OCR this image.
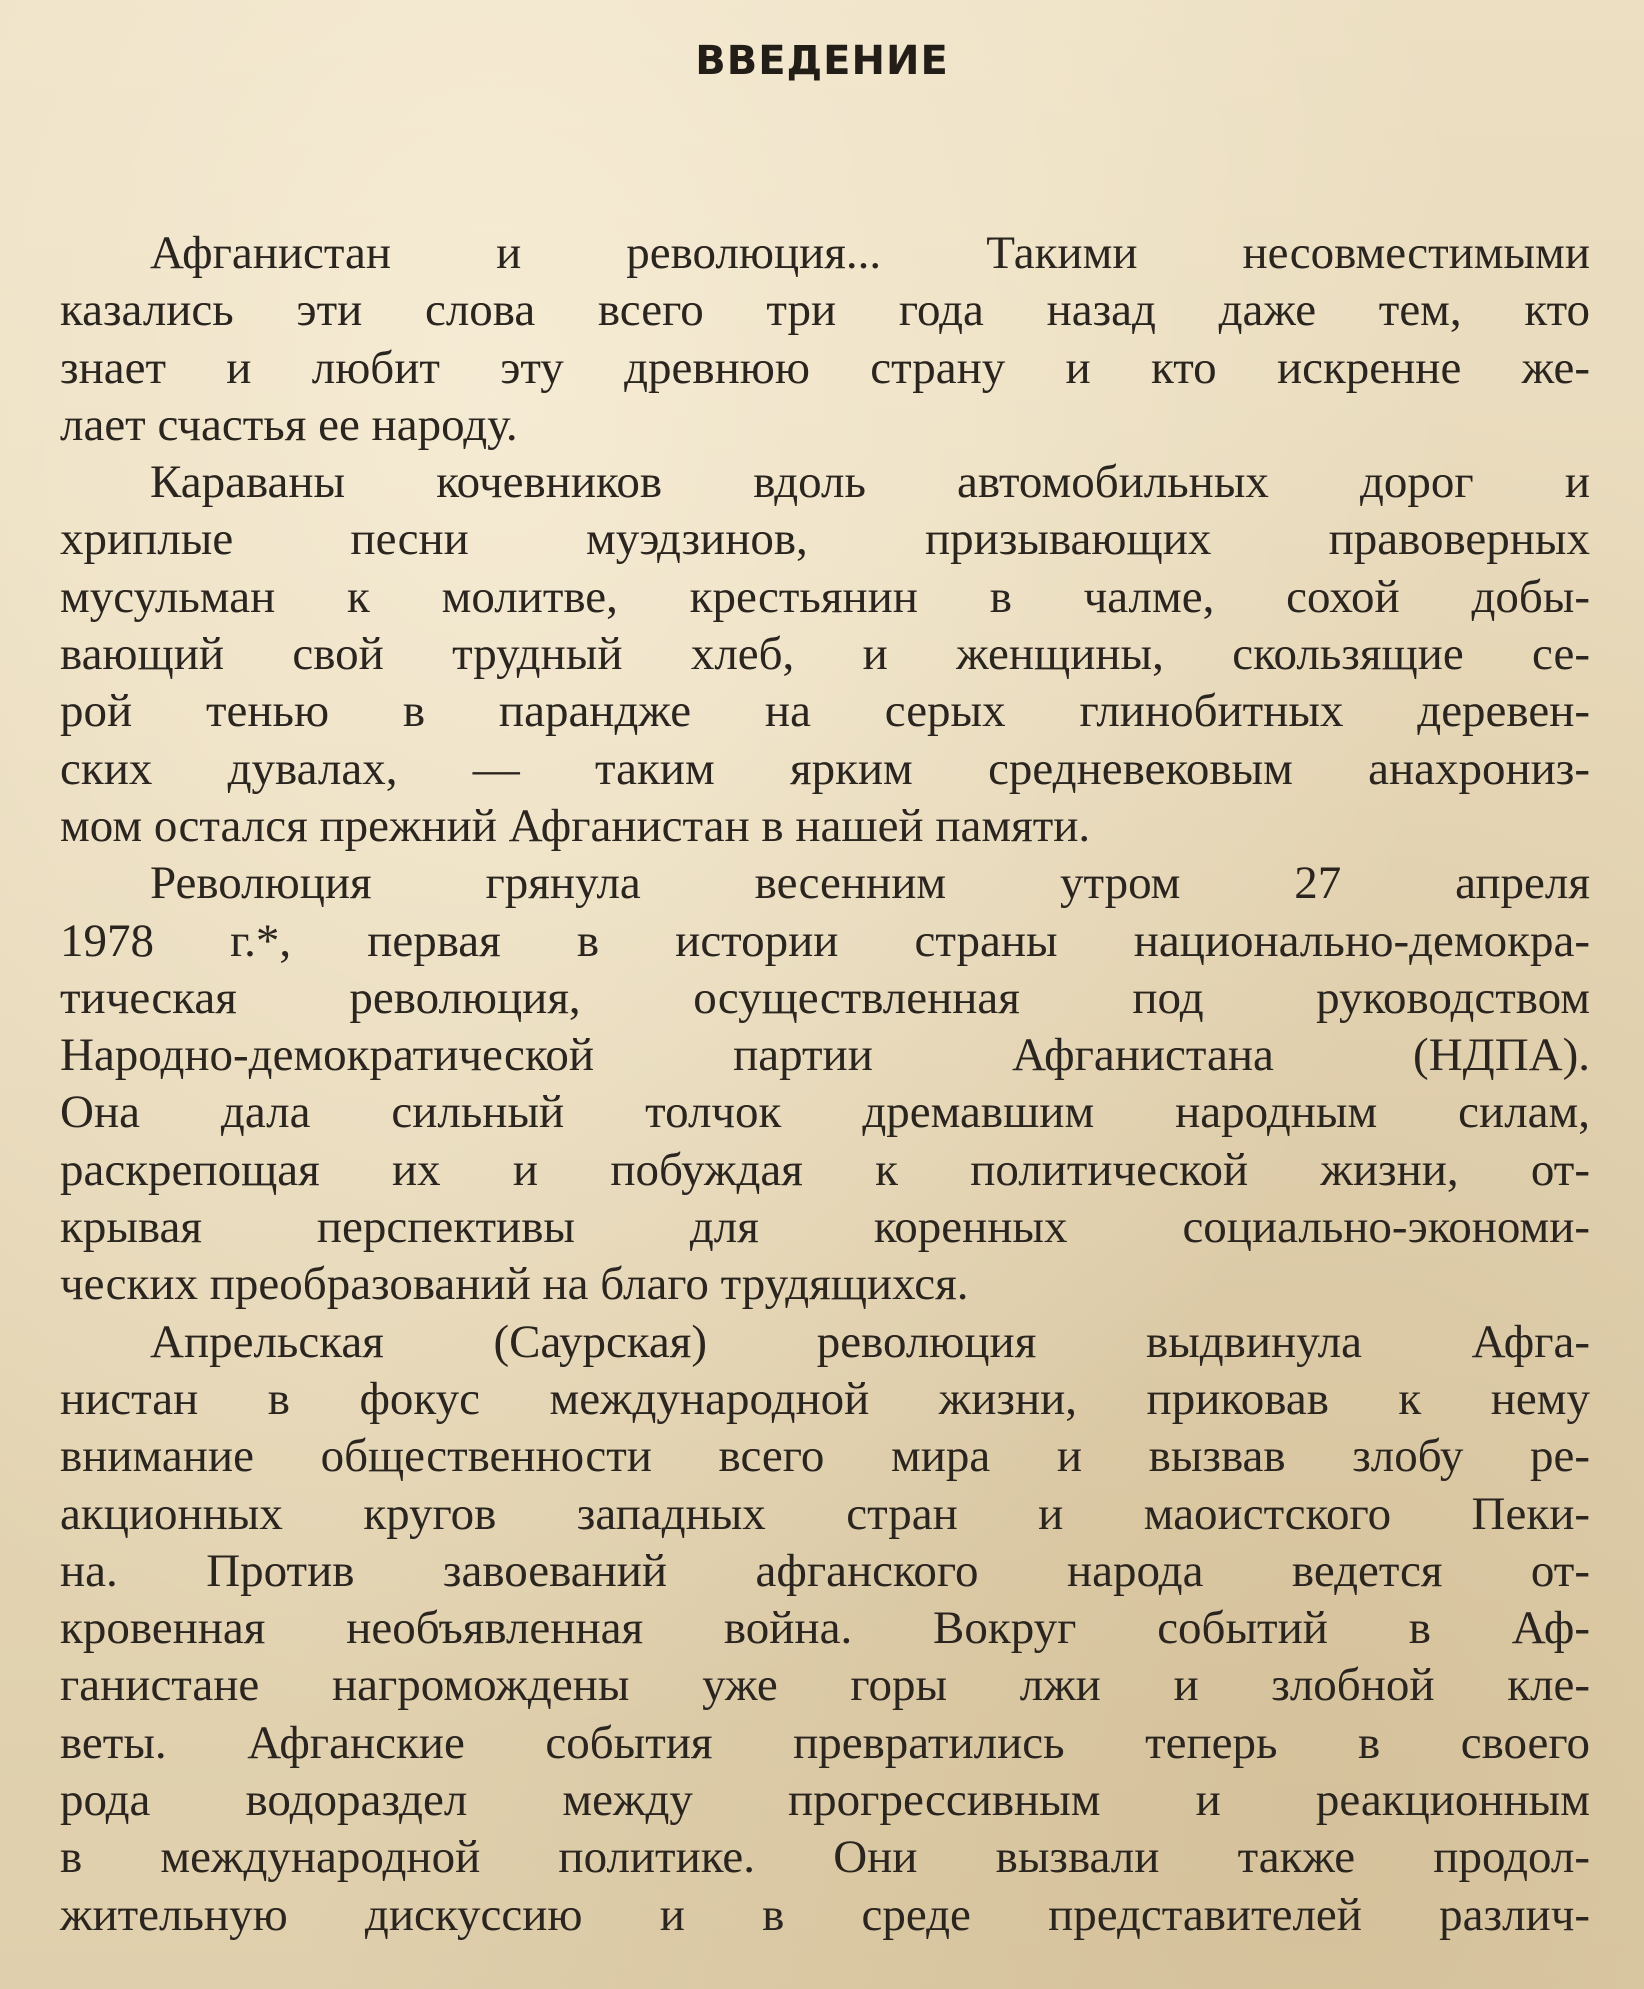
ВВЕДЕНИЕ
Афганистан и революция... Такими несовместимыми
казались эти слова всего три года назад даже тем, кто
знает и любит эту древнюю страну и кто искренне же-
лает счастья ее народу.
Караваны кочевников вдоль автомобильных дорог и
хриплые песни муэдзинов, призывающих правоверных
мусульман к молитве, крестьянин в чалме, сохой добы-
вающий свой трудный хлеб, и женщины, скользящие се-
рой тенью в парандже на серых глинобитных деревен-
ских дувалах, — таким ярким средневековым анахрониз-
мом остался прежний Афганистан в нашей памяти.
Революция грянула весенним утром 27 апреля
1978 г.*, первая в истории страны национально-демокра-
тическая революция, осуществленная под руководством
Народно-демократической партии Афганистана (НДПА).
Она дала сильный толчок дремавшим народным силам,
раскрепощая их и побуждая к политической жизни, от-
крывая перспективы для коренных социально-экономи-
ческих преобразований на благо трудящихся.
Апрельская (Саурская) революция выдвинула Афга-
нистан в фокус международной жизни, приковав к нему
внимание общественности всего мира и вызвав злобу ре-
акционных кругов западных стран и маоистского Пеки-
на. Против завоеваний афганского народа ведется от-
кровенная необъявленная война. Вокруг событий в Аф-
ганистане нагромождены уже горы лжи и злобной кле-
веты. Афганские события превратились теперь в своего
рода водораздел между прогрессивным и реакционным
в международной политике. Они вызвали также продол-
жительную дискуссию и в среде представителей различ-
